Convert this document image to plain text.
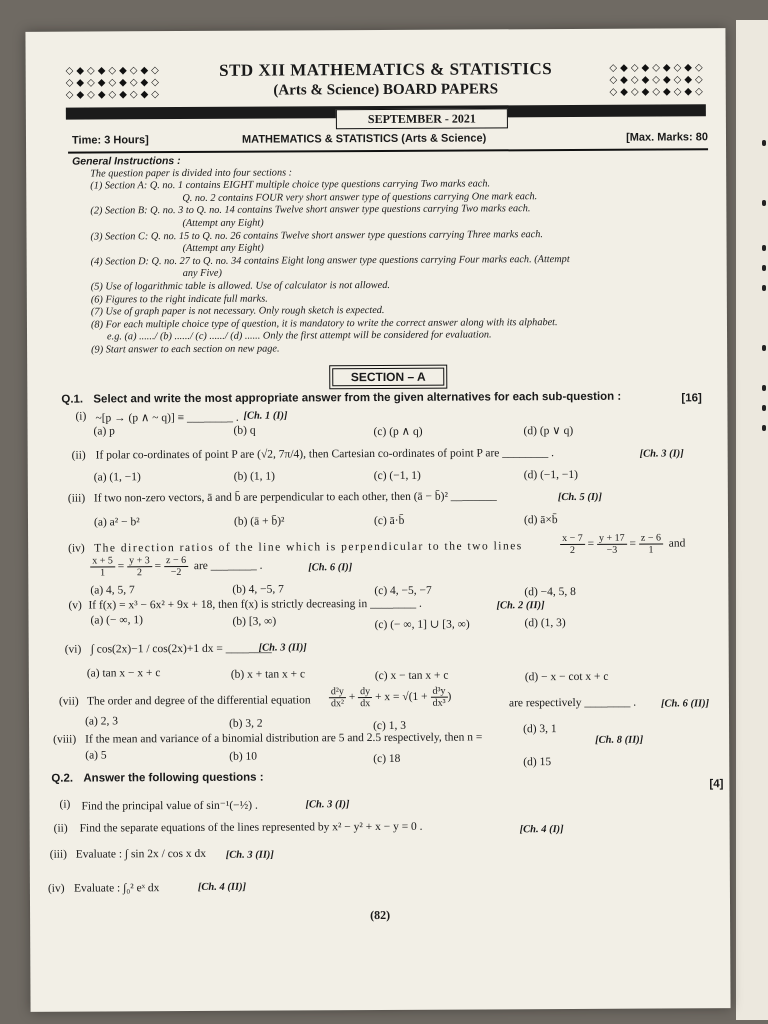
◇◆◇◆◇◆◇◆◇
◇◆◇◆◇◆◇◆◇
◇◆◇◆◇◆◇◆◇
STD XII MATHEMATICS & STATISTICS
(Arts & Science) BOARD PAPERS
◇◆◇◆◇◆◇◆◇
◇◆◇◆◇◆◇◆◇
◇◆◇◆◇◆◇◆◇
SEPTEMBER - 2021
Time: 3 Hours]	MATHEMATICS & STATISTICS (Arts & Science)	[Max. Marks: 80
General Instructions :
The question paper is divided into four sections :
(1) Section A: Q. no. 1 contains EIGHT multiple choice type questions carrying Two marks each.
Q. no. 2 contains FOUR very short answer type of questions carrying One mark each.
(2) Section B: Q. no. 3 to Q. no. 14 contains Twelve short answer type questions carrying Two marks each.
(Attempt any Eight)
(3) Section C: Q. no. 15 to Q. no. 26 contains Twelve short answer type questions carrying Three marks each.
(Attempt any Eight)
(4) Section D: Q. no. 27 to Q. no. 34 contains Eight long answer type questions carrying Four marks each. (Attempt
any Five)
(5) Use of logarithmic table is allowed. Use of calculator is not allowed.
(6) Figures to the right indicate full marks.
(7) Use of graph paper is not necessary. Only rough sketch is expected.
(8) For each multiple choice type of question, it is mandatory to write the correct answer along with its alphabet.
e.g. (a) ....../ (b) ....../ (c) ....../ (d) ...... Only the first attempt will be considered for evaluation.
(9) Start answer to each section on new page.
SECTION – A
Q.1. Select and write the most appropriate answer from the given alternatives for each sub-question :	[16]
(i) ~[p → (p ∧ ~ q)] ≡ ________ . [Ch. 1 (I)]
(a) p	(b) q	(c) (p ∧ q)	(d) (p ∨ q)
(ii) If polar co-ordinates of point P are (√2, 7π/4), then Cartesian co-ordinates of point P are ________ .	[Ch. 3 (I)]
(a) (1, −1)	(b) (1, 1)	(c) (−1, 1)	(d) (−1, −1)
(iii) If two non-zero vectors, ā and b̄ are perpendicular to each other, then (ā − b̄)² ________	[Ch. 5 (I)]
(a) a² − b²	(b) (ā + b̄)²	(c) ā·b̄	(d) ā×b̄
(iv) The direction ratios of the line which is perpendicular to the two lines	$\frac{x - 7}{2} = \frac{y + 17}{-3} = \frac{z - 6}{1}$ and
$\frac{x + 5}{1} = \frac{y + 3}{2} = \frac{z - 6}{-2}$ are ________ .	[Ch. 6 (I)]
(a) 4, 5, 7	(b) 4, −5, 7	(c) 4, −5, −7	(d) −4, 5, 8
(v) If f(x) = x³ − 6x² + 9x + 18, then f(x) is strictly decreasing in ________ .	[Ch. 2 (II)]
(a) (− ∞, 1)	(b) [3, ∞)	(c) (− ∞, 1] ∪ [3, ∞)	(d) (1, 3)
(vi) ∫ cos(2x)−1 / cos(2x)+1 dx = ________
[Ch. 3 (II)]
(a) tan x − x + c	(b) x + tan x + c	(c) x − tan x + c	(d) − x − cot x + c
(vii) The order and degree of the differential equation $\frac{\text{d²y}}{\text{dx²}} + \frac{dy}{dx} + x = √(1 + \frac{\text{d³y}}{\text{dx³}}$ )	are respectively ________ . [Ch. 6 (II)]
(a) 2, 3	(b) 3, 2	(c) 1, 3	(d) 3, 1
(viii) If the mean and variance of a binomial distribution are 5 and 2.5 respectively, then n =	[Ch. 8 (II)]
(a) 5	(b) 10	(c) 18	(d) 15
Q.2. Answer the following questions :	[4]
(i) Find the principal value of sin⁻¹(−½) .	[Ch. 3 (I)]
(ii) Find the separate equations of the lines represented by x² − y² + x − y = 0 .	[Ch. 4 (I)]
(iii) Evaluate : ∫ sin 2x / cos x dx [Ch. 3 (II)]
(iv) Evaluate : ∫₀² eˣ dx	[Ch. 4 (II)]
(82)
